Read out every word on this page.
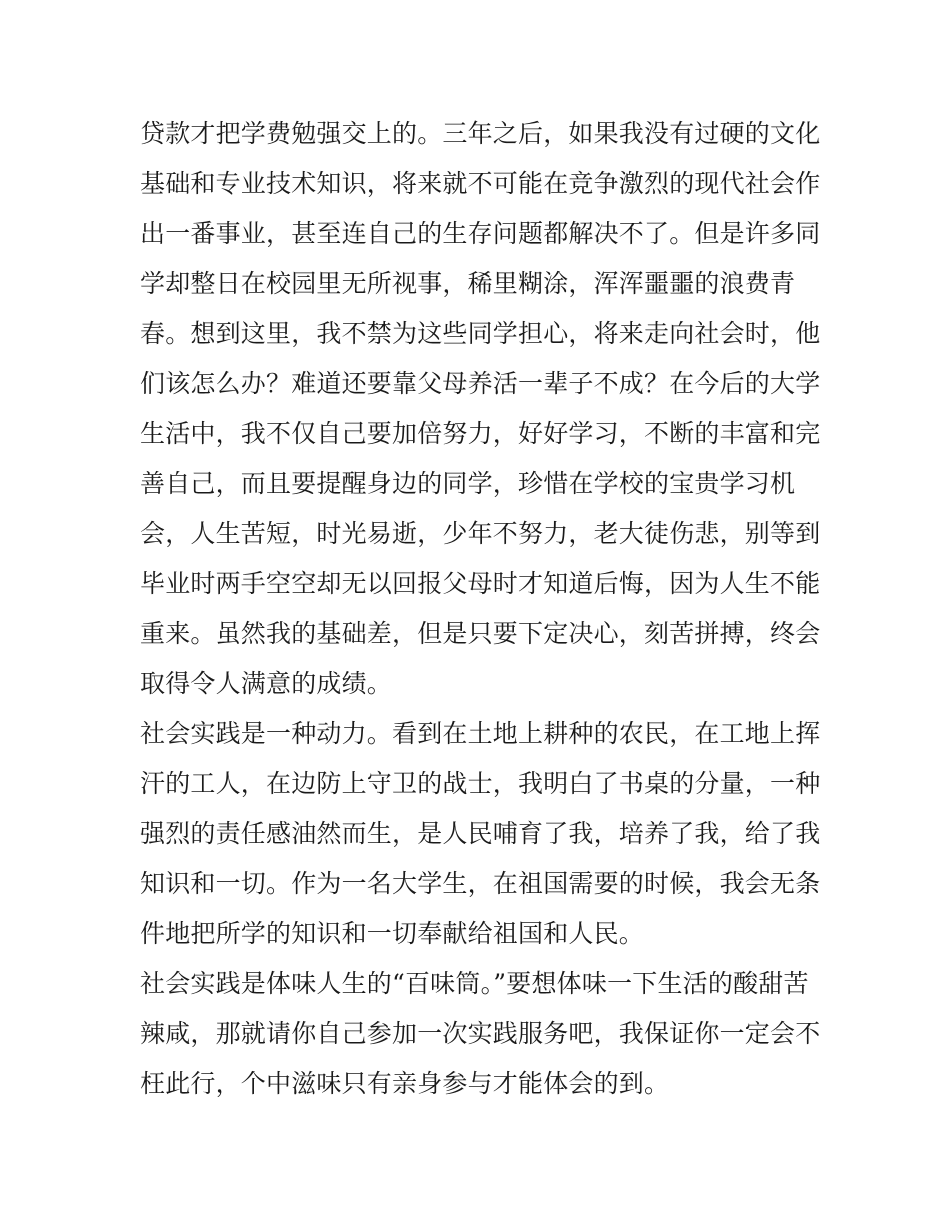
贷款才把学费勉强交上的。三年之后，如果我没有过硬的文化
基础和专业技术知识，将来就不可能在竞争激烈的现代社会作
出一番事业，甚至连自己的生存问题都解决不了。但是许多同
学却整日在校园里无所视事，稀里糊涂，浑浑噩噩的浪费青
春。想到这里，我不禁为这些同学担心，将来走向社会时，他
们该怎么办？难道还要靠父母养活一辈子不成？在今后的大学
生活中，我不仅自己要加倍努力，好好学习，不断的丰富和完
善自己，而且要提醒身边的同学，珍惜在学校的宝贵学习机
会，人生苦短，时光易逝，少年不努力，老大徒伤悲，别等到
毕业时两手空空却无以回报父母时才知道后悔，因为人生不能
重来。虽然我的基础差，但是只要下定决心，刻苦拼搏，终会
取得令人满意的成绩。
社会实践是一种动力。看到在土地上耕种的农民，在工地上挥
汗的工人，在边防上守卫的战士，我明白了书桌的分量，一种
强烈的责任感油然而生，是人民哺育了我，培养了我，给了我
知识和一切。作为一名大学生，在祖国需要的时候，我会无条
件地把所学的知识和一切奉献给祖国和人民。
社会实践是体味人生的“百味筒。”要想体味一下生活的酸甜苦
辣咸，那就请你自己参加一次实践服务吧，我保证你一定会不
枉此行，个中滋味只有亲身参与才能体会的到。
